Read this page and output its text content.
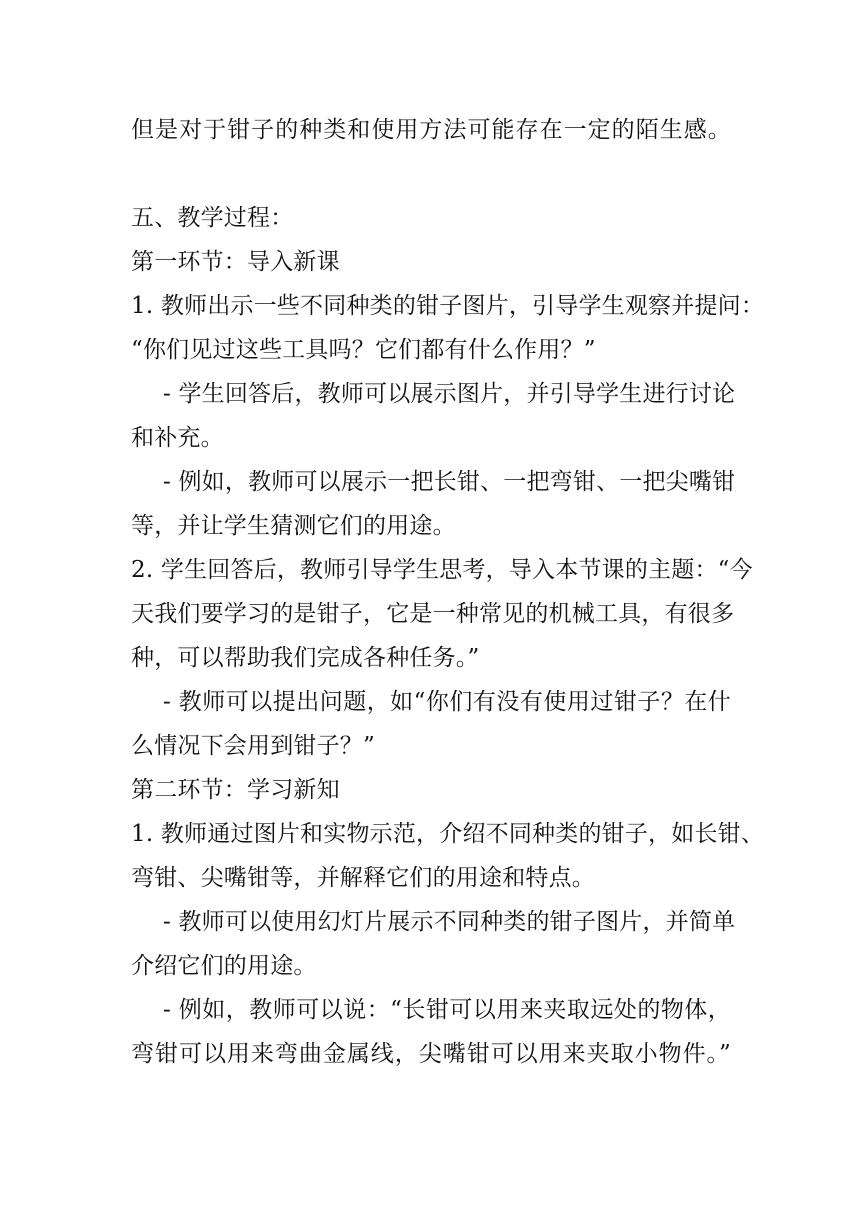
但是对于钳子的种类和使用方法可能存在一定的陌生感。
五、教学过程：
第一环节：导入新课
1. 教师出示一些不同种类的钳子图片，引导学生观察并提问：
“你们见过这些工具吗？它们都有什么作用？”
- 学生回答后，教师可以展示图片，并引导学生进行讨论
和补充。
- 例如，教师可以展示一把长钳、一把弯钳、一把尖嘴钳
等，并让学生猜测它们的用途。
2. 学生回答后，教师引导学生思考，导入本节课的主题：“今
天我们要学习的是钳子，它是一种常见的机械工具，有很多
种，可以帮助我们完成各种任务。”
- 教师可以提出问题，如“你们有没有使用过钳子？在什
么情况下会用到钳子？”
第二环节：学习新知
1. 教师通过图片和实物示范，介绍不同种类的钳子，如长钳、
弯钳、尖嘴钳等，并解释它们的用途和特点。
- 教师可以使用幻灯片展示不同种类的钳子图片，并简单
介绍它们的用途。
- 例如，教师可以说：“长钳可以用来夹取远处的物体，
弯钳可以用来弯曲金属线，尖嘴钳可以用来夹取小物件。”
